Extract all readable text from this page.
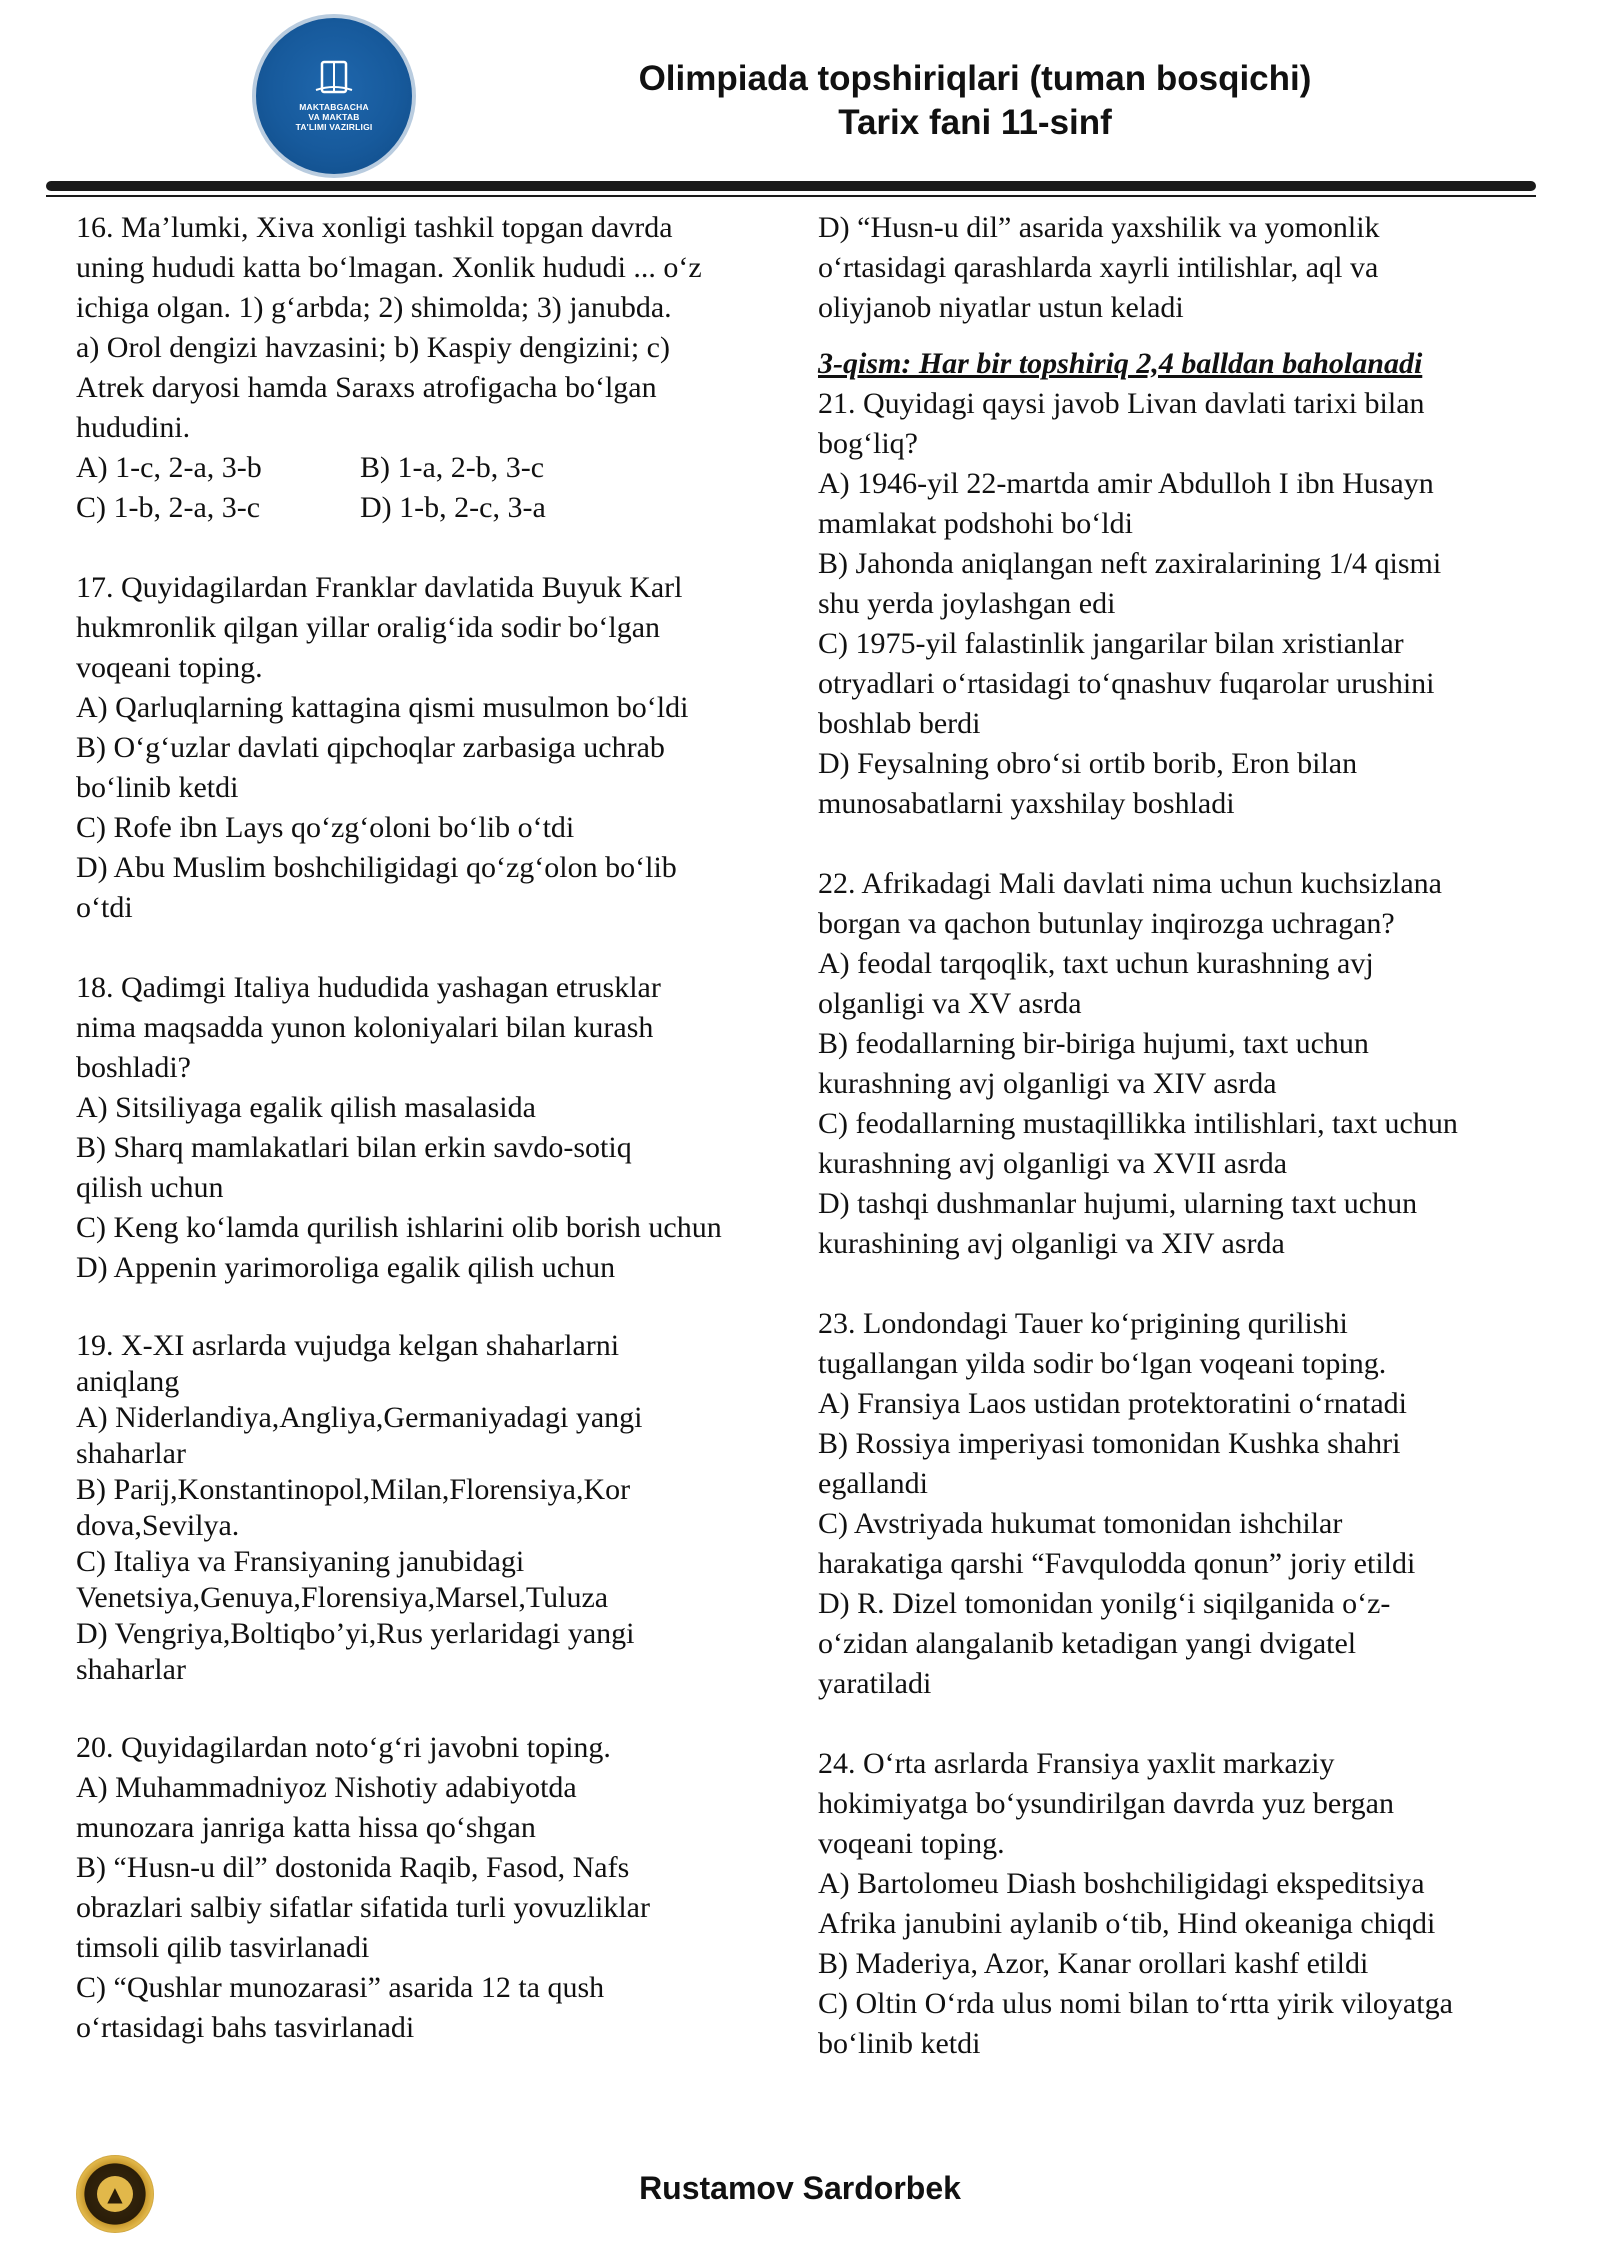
MAKTABGACHA
VA MAKTAB
TA'LIMI VAZIRLIGI
Olimpiada topshiriqlari (tuman bosqichi)
Tarix fani 11-sinf

16. Ma’lumki, Xiva xonligi tashkil topgan davrda

uning hududi katta bo‘lmagan. Xonlik hududi ... o‘z

ichiga olgan. 1) g‘arbda; 2) shimolda; 3) janubda.

a) Orol dengizi havzasini; b) Kaspiy dengizini; c)

Atrek daryosi hamda Saraxs atrofigacha bo‘lgan

hududini.

A) 1-c, 2-a, 3-b	B) 1-a, 2-b, 3-c
C) 1-b, 2-a, 3-c	D) 1-b, 2-c, 3-a

17. Quyidagilardan Franklar davlatida Buyuk Karl

hukmronlik qilgan yillar oralig‘ida sodir bo‘lgan

voqeani toping.

A) Qarluqlarning kattagina qismi musulmon bo‘ldi

B) O‘g‘uzlar davlati qipchoqlar zarbasiga uchrab

bo‘linib ketdi

C) Rofe ibn Lays qo‘zg‘oloni bo‘lib o‘tdi

D) Abu Muslim boshchiligidagi qo‘zg‘olon bo‘lib

o‘tdi

18. Qadimgi Italiya hududida yashagan etrusklar

nima maqsadda yunon koloniyalari bilan kurash

boshladi?

A) Sitsiliyaga egalik qilish masalasida

B) Sharq mamlakatlari bilan erkin savdo-sotiq

qilish uchun

C) Keng ko‘lamda qurilish ishlarini olib borish uchun

D) Appenin yarimoroliga egalik qilish uchun

19. X-XI asrlarda vujudga kelgan shaharlarni

aniqlang

A) Niderlandiya,Angliya,Germaniyadagi yangi

shaharlar

B) Parij,Konstantinopol,Milan,Florensiya,Kor

dova,Sevilya.

C) Italiya va Fransiyaning janubidagi

Venetsiya,Genuya,Florensiya,Marsel,Tuluza

D) Vengriya,Boltiqbo’yi,Rus yerlaridagi yangi

shaharlar

20. Quyidagilardan noto‘g‘ri javobni toping.

A) Muhammadniyoz Nishotiy adabiyotda

munozara janriga katta hissa qo‘shgan

B) “Husn-u dil” dostonida Raqib, Fasod, Nafs

obrazlari salbiy sifatlar sifatida turli yovuzliklar

timsoli qilib tasvirlanadi

C) “Qushlar munozarasi” asarida 12 ta qush

o‘rtasidagi bahs tasvirlanadi

D) “Husn-u dil” asarida yaxshilik va yomonlik

o‘rtasidagi qarashlarda xayrli intilishlar, aql va

oliyjanob niyatlar ustun keladi

3-qism: Har bir topshiriq 2,4 balldan baholanadi

21. Quyidagi qaysi javob Livan davlati tarixi bilan

bog‘liq?

A) 1946-yil 22-martda amir Abdulloh I ibn Husayn

mamlakat podshohi bo‘ldi

B) Jahonda aniqlangan neft zaxiralarining 1/4 qismi

shu yerda joylashgan edi

C) 1975-yil falastinlik jangarilar bilan xristianlar

otryadlari o‘rtasidagi to‘qnashuv fuqarolar urushini

boshlab berdi

D) Feysalning obro‘si ortib borib, Eron bilan

munosabatlarni yaxshilay boshladi

22. Afrikadagi Mali davlati nima uchun kuchsizlana

borgan va qachon butunlay inqirozga uchragan?

A) feodal tarqoqlik, taxt uchun kurashning avj

olganligi va XV asrda

B) feodallarning bir-biriga hujumi, taxt uchun

kurashning avj olganligi va XIV asrda

C) feodallarning mustaqillikka intilishlari, taxt uchun

kurashning avj olganligi va XVII asrda

D) tashqi dushmanlar hujumi, ularning taxt uchun

kurashining avj olganligi va XIV asrda

23. Londondagi Tauer ko‘prigining qurilishi

tugallangan yilda sodir bo‘lgan voqeani toping.

A) Fransiya Laos ustidan protektoratini o‘rnatadi

B) Rossiya imperiyasi tomonidan Kushka shahri

egallandi

C) Avstriyada hukumat tomonidan ishchilar

harakatiga qarshi “Favqulodda qonun” joriy etildi

D) R. Dizel tomonidan yonilg‘i siqilganida o‘z-

o‘zidan alangalanib ketadigan yangi dvigatel

yaratiladi

24. O‘rta asrlarda Fransiya yaxlit markaziy

hokimiyatga bo‘ysundirilgan davrda yuz bergan

voqeani toping.

A) Bartolomeu Diash boshchiligidagi ekspeditsiya

Afrika janubini aylanib o‘tib, Hind okeaniga chiqdi

B) Maderiya, Azor, Kanar orollari kashf etildi

C) Oltin O‘rda ulus nomi bilan to‘rtta yirik viloyatga

bo‘linib ketdi

▲	Rustamov Sardorbek
